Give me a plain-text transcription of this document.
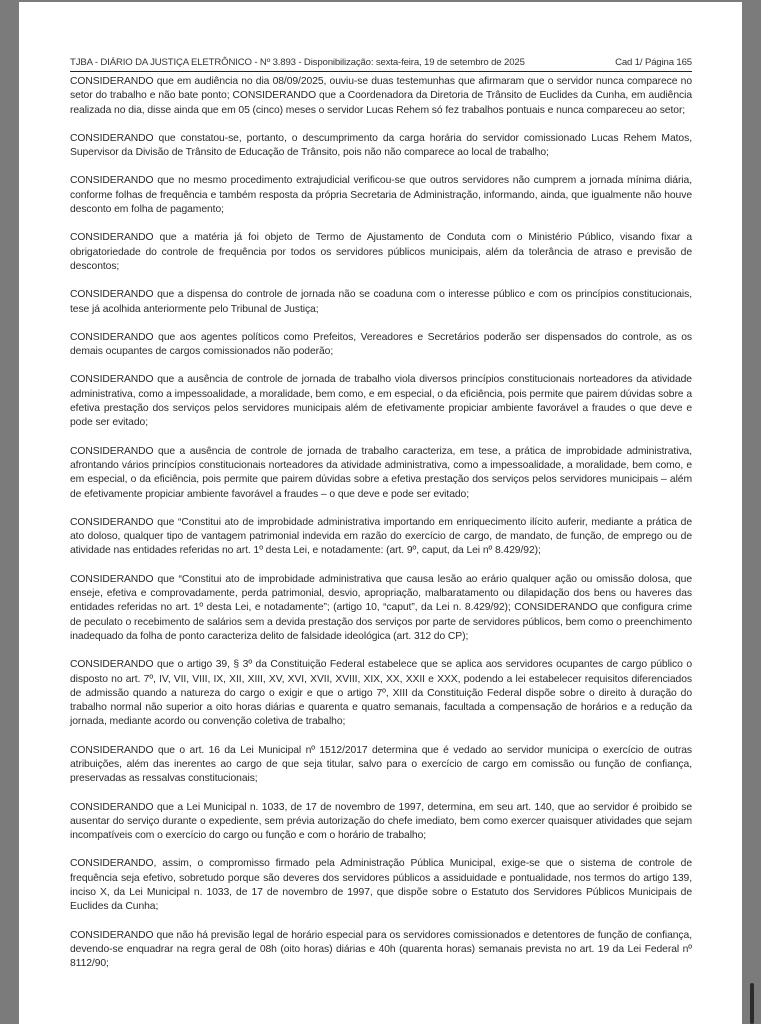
TJBA - DIÁRIO DA JUSTIÇA ELETRÔNICO - Nº 3.893 - Disponibilização: sexta-feira, 19 de setembro de 2025	Cad 1/ Página 165

CONSIDERANDO que em audiência no dia 08/09/2025, ouviu-se duas testemunhas que afirmaram que o servidor nunca comparece no setor do trabalho e não bate ponto; CONSIDERANDO que a Coordenadora da Diretoria de Trânsito de Euclides da Cunha, em audiência realizada no dia, disse ainda que em 05 (cinco) meses o servidor Lucas Rehem só fez trabalhos pontuais e nunca compareceu ao setor;

CONSIDERANDO que constatou-se, portanto, o descumprimento da carga horária do servidor comissionado Lucas Rehem Matos, Supervisor da Divisão de Trânsito de Educação de Trânsito, pois não não comparece ao local de trabalho;

CONSIDERANDO que no mesmo procedimento extrajudicial verificou-se que outros servidores não cumprem a jornada mínima diária, conforme folhas de frequência e também resposta da própria Secretaria de Administração, informando, ainda, que igualmente não houve desconto em folha de pagamento;

CONSIDERANDO que a matéria já foi objeto de Termo de Ajustamento de Conduta com o Ministério Público, visando fixar a obrigatoriedade do controle de frequência por todos os servidores públicos municipais, além da tolerância de atraso e previsão de descontos;

CONSIDERANDO que a dispensa do controle de jornada não se coaduna com o interesse público e com os princípios constitucionais, tese já acolhida anteriormente pelo Tribunal de Justiça;

CONSIDERANDO que aos agentes políticos como Prefeitos, Vereadores e Secretários poderão ser dispensados do controle, as os demais ocupantes de cargos comissionados não poderão;

CONSIDERANDO que a ausência de controle de jornada de trabalho viola diversos princípios constitucionais norteadores da atividade administrativa, como a impessoalidade, a moralidade, bem como, e em especial, o da eficiência, pois permite que pairem dúvidas sobre a efetiva prestação dos serviços pelos servidores municipais além de efetivamente propiciar ambiente favorável a fraudes o que deve e pode ser evitado;

CONSIDERANDO que a ausência de controle de jornada de trabalho caracteriza, em tese, a prática de improbidade administrativa, afrontando vários princípios constitucionais norteadores da atividade administrativa, como a impessoalidade, a moralidade, bem como, e em especial, o da eficiência, pois permite que pairem dúvidas sobre a efetiva prestação dos serviços pelos servidores municipais – além de efetivamente propiciar ambiente favorável a fraudes – o que deve e pode ser evitado;

CONSIDERANDO que “Constitui ato de improbidade administrativa importando em enriquecimento ilícito auferir, mediante a prática de ato doloso, qualquer tipo de vantagem patrimonial indevida em razão do exercício de cargo, de mandato, de função, de emprego ou de atividade nas entidades referidas no art. 1º desta Lei, e notadamente: (art. 9º, caput, da Lei nº 8.429/92);

CONSIDERANDO que “Constitui ato de improbidade administrativa que causa lesão ao erário qualquer ação ou omissão dolosa, que enseje, efetiva e comprovadamente, perda patrimonial, desvio, apropriação, malbaratamento ou dilapidação dos bens ou haveres das entidades referidas no art. 1º desta Lei, e notadamente”; (artigo 10, “caput”, da Lei n. 8.429/92); CONSIDERANDO que configura crime de peculato o recebimento de salários sem a devida prestação dos serviços por parte de servidores públicos, bem como o preenchimento inadequado da folha de ponto caracteriza delito de falsidade ideológica (art. 312 do CP);

CONSIDERANDO que o artigo 39, § 3º da Constituição Federal estabelece que se aplica aos servidores ocupantes de cargo público o disposto no art. 7º, IV, VII, VIII, IX, XII, XIII, XV, XVI, XVII, XVIII, XIX, XX, XXII e XXX, podendo a lei estabelecer requisitos diferenciados de admissão quando a natureza do cargo o exigir e que o artigo 7º, XIII da Constituição Federal dispõe sobre o direito à duração do trabalho normal não superior a oito horas diárias e quarenta e quatro semanais, facultada a compensação de horários e a redução da jornada, mediante acordo ou convenção coletiva de trabalho;

CONSIDERANDO que o art. 16 da Lei Municipal nº 1512/2017 determina que é vedado ao servidor municipa o exercício de outras atribuições, além das inerentes ao cargo de que seja titular, salvo para o exercício de cargo em comissão ou função de confiança, preservadas as ressalvas constitucionais;

CONSIDERANDO que a Lei Municipal n. 1033, de 17 de novembro de 1997, determina, em seu art. 140, que ao servidor é proibido se ausentar do serviço durante o expediente, sem prévia autorização do chefe imediato, bem como exercer quaisquer atividades que sejam incompatíveis com o exercício do cargo ou função e com o horário de trabalho;

CONSIDERANDO, assim, o compromisso firmado pela Administração Pública Municipal, exige-se que o sistema de controle de frequência seja efetivo, sobretudo porque são deveres dos servidores públicos a assiduidade e pontualidade, nos termos do artigo 139, inciso X, da Lei Municipal n. 1033, de 17 de novembro de 1997, que dispõe sobre o Estatuto dos Servidores Públicos Municipais de Euclides da Cunha;

CONSIDERANDO que não há previsão legal de horário especial para os servidores comissionados e detentores de função de confiança, devendo-se enquadrar na regra geral de 08h (oito horas) diárias e 40h (quarenta horas) semanais prevista no art. 19 da Lei Federal nº 8112/90;
